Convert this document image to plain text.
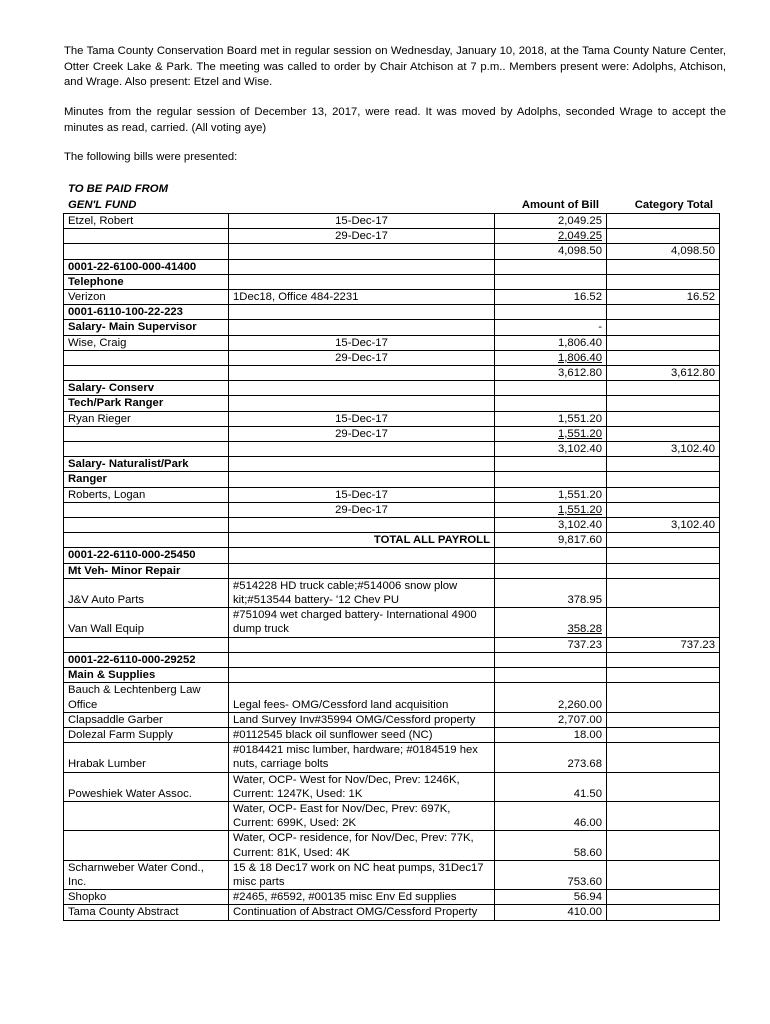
The Tama County Conservation Board met in regular session on Wednesday, January 10, 2018, at the Tama County Nature Center, Otter Creek Lake & Park. The meeting was called to order by Chair Atchison at 7 p.m.. Members present were: Adolphs, Atchison, and Wrage. Also present: Etzel and Wise.

Minutes from the regular session of December 13, 2017, were read. It was moved by Adolphs, seconded Wrage to accept the minutes as read, carried. (All voting aye)

The following bills were presented:

TO BE PAID FROM
GEN'L FUND	Amount of Bill	Category Total
Etzel, Robert	15-Dec-17	2,049.25	
	29-Dec-17	2,049.25	
		4,098.50	4,098.50
0001-22-6100-000-41400			
Telephone			
Verizon	1Dec18, Office 484-2231	16.52	16.52
0001-6110-100-22-223			
Salary- Main Supervisor		-	
Wise, Craig	15-Dec-17	1,806.40	
	29-Dec-17	1,806.40	
		3,612.80	3,612.80
Salary- Conserv			
Tech/Park Ranger			
Ryan Rieger	15-Dec-17	1,551.20	
	29-Dec-17	1,551.20	
		3,102.40	3,102.40
Salary- Naturalist/Park			
Ranger			
Roberts, Logan	15-Dec-17	1,551.20	
	29-Dec-17	1,551.20	
		3,102.40	3,102.40
	TOTAL ALL PAYROLL	9,817.60	
0001-22-6110-000-25450			
Mt Veh- Minor Repair			
J&V Auto Parts	#514228 HD truck cable;#514006 snow plow kit;#513544 battery- '12 Chev PU	378.95	
Van Wall Equip	#751094 wet charged battery- International 4900 dump truck	358.28	
		737.23	737.23
0001-22-6110-000-29252			
Main & Supplies			
Bauch & Lechtenberg Law Office	Legal fees- OMG/Cessford land acquisition	2,260.00	
Clapsaddle Garber	Land Survey Inv#35994 OMG/Cessford property	2,707.00	
Dolezal Farm Supply	#0112545 black oil sunflower seed (NC)	18.00	
Hrabak Lumber	#0184421 misc lumber, hardware; #0184519 hex nuts, carriage bolts	273.68	
Poweshiek Water Assoc.	Water, OCP- West for Nov/Dec, Prev: 1246K, Current: 1247K, Used: 1K	41.50	
	Water, OCP- East for Nov/Dec, Prev: 697K, Current: 699K, Used: 2K	46.00	
	Water, OCP- residence, for Nov/Dec, Prev: 77K, Current: 81K, Used: 4K	58.60	
Scharnweber Water Cond., Inc.	15 & 18 Dec17 work on NC heat pumps, 31Dec17 misc parts	753.60	
Shopko	#2465, #6592, #00135 misc Env Ed supplies	56.94	
Tama County Abstract	Continuation of Abstract OMG/Cessford Property	410.00	
